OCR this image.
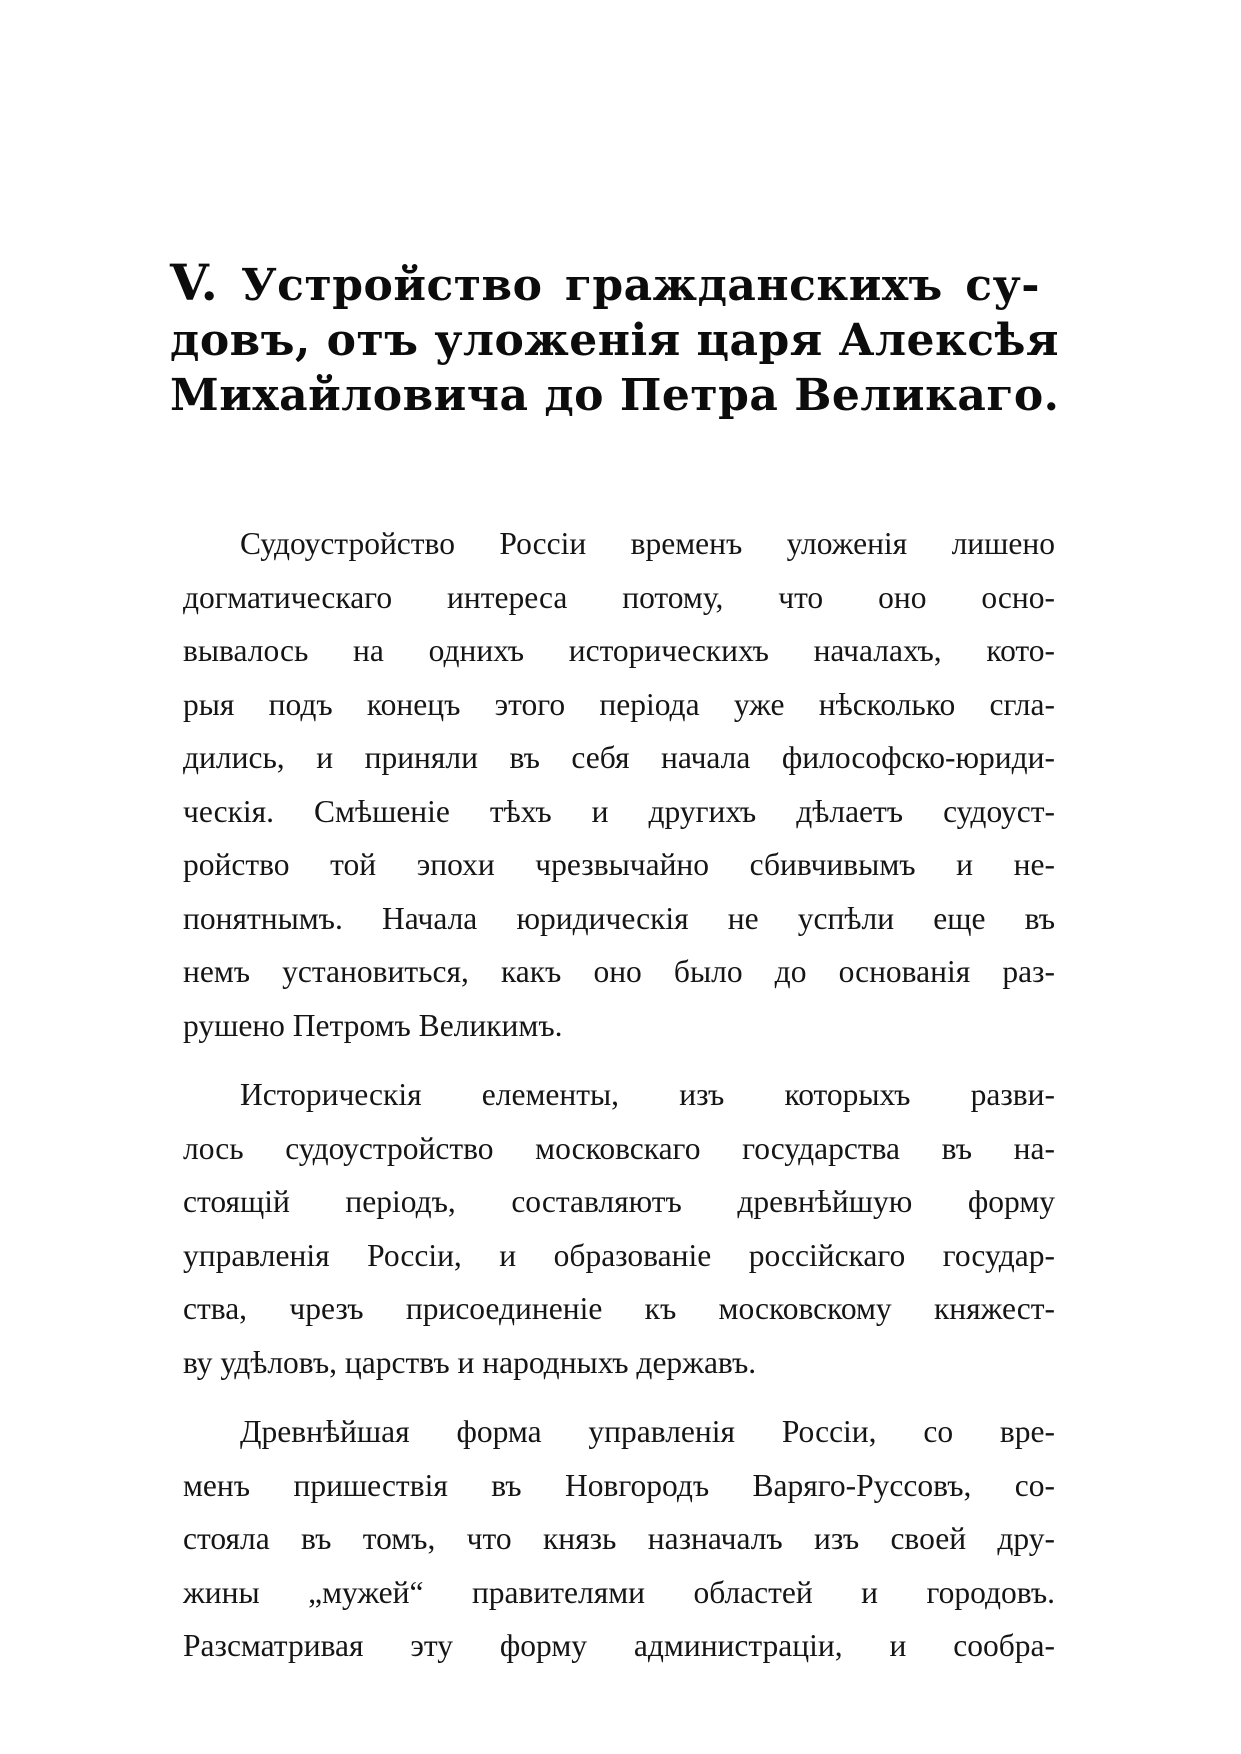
V. Устройство гражданскихъ су-
довъ, отъ уложенія царя Алексѣя
Михайловича до Петра Великаго.
Судоустройство Россіи временъ уложенія лишено
догматическаго интереса потому, что оно осно-
вывалось на однихъ историческихъ началахъ, кото-
рыя подъ конецъ этого періода уже нѣсколько сгла-
дились, и приняли въ себя начала философско-юриди-
ческія. Смѣшеніе тѣхъ и другихъ дѣлаетъ судоуст-
ройство той эпохи чрезвычайно сбивчивымъ и не-
понятнымъ. Начала юридическія не успѣли еще въ
немъ установиться, какъ оно было до основанія раз-
рушено Петромъ Великимъ.
Историческія елементы, изъ которыхъ разви-
лось судоустройство московскаго государства въ на-
стоящій періодъ, составляютъ древнѣйшую форму
управленія Россіи, и образованіе россійскаго государ-
ства, чрезъ присоединеніе къ московскому княжест-
ву удѣловъ, царствъ и народныхъ державъ.
Древнѣйшая форма управленія Россіи, со вре-
менъ пришествія въ Новгородъ Варяго-Руссовъ, со-
стояла въ томъ, что князь назначалъ изъ своей дру-
жины „мужей“ правителями областей и городовъ.
Разсматривая эту форму администраціи, и сообра-
